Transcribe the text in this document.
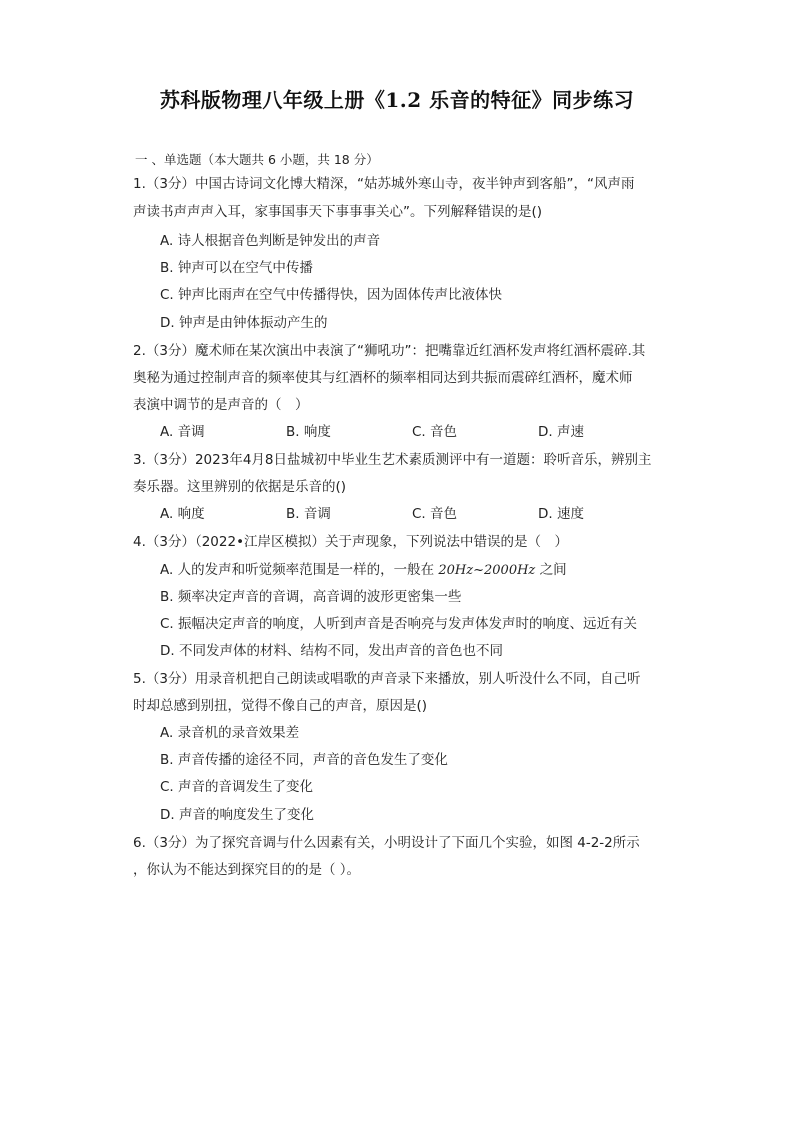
苏科版物理八年级上册《1.2 乐音的特征》同步练习
一 、单选题（本大题共 6 小题，共 18 分）
1.（3分）中国古诗词文化博大精深，“姑苏城外寒山寺，夜半钟声到客船”，“风声雨
声读书声声声入耳，家事国事天下事事事关心”。下列解释错误的是()
A. 诗人根据音色判断是钟发出的声音
B. 钟声可以在空气中传播
C. 钟声比雨声在空气中传播得快，因为固体传声比液体快
D. 钟声是由钟体振动产生的
2.（3分）魔术师在某次演出中表演了“狮吼功”：把嘴靠近红酒杯发声将红酒杯震碎.其
奥秘为通过控制声音的频率使其与红酒杯的频率相同达到共振而震碎红酒杯，魔术师
表演中调节的是声音的（　）
A. 音调	B. 响度	C. 音色	D. 声速
3.（3分）2023年4月8日盐城初中毕业生艺术素质测评中有一道题：聆听音乐，辨别主
奏乐器。这里辨别的依据是乐音的()
A. 响度	B. 音调	C. 音色	D. 速度
4.（3分）（2022•江岸区模拟）关于声现象，下列说法中错误的是（　）
A. 人的发声和听觉频率范围是一样的，一般在 20Hz~2000Hz 之间
B. 频率决定声音的音调，高音调的波形更密集一些
C. 振幅决定声音的响度，人听到声音是否响亮与发声体发声时的响度、远近有关
D. 不同发声体的材料、结构不同，发出声音的音色也不同
5.（3分）用录音机把自己朗读或唱歌的声音录下来播放，别人听没什么不同，自己听
时却总感到别扭，觉得不像自己的声音，原因是()
A. 录音机的录音效果差
B. 声音传播的途径不同，声音的音色发生了变化
C. 声音的音调发生了变化
D. 声音的响度发生了变化
6.（3分）为了探究音调与什么因素有关，小明设计了下面几个实验，如图 4-2-2所示
，你认为不能达到探究目的的是（ ）。
